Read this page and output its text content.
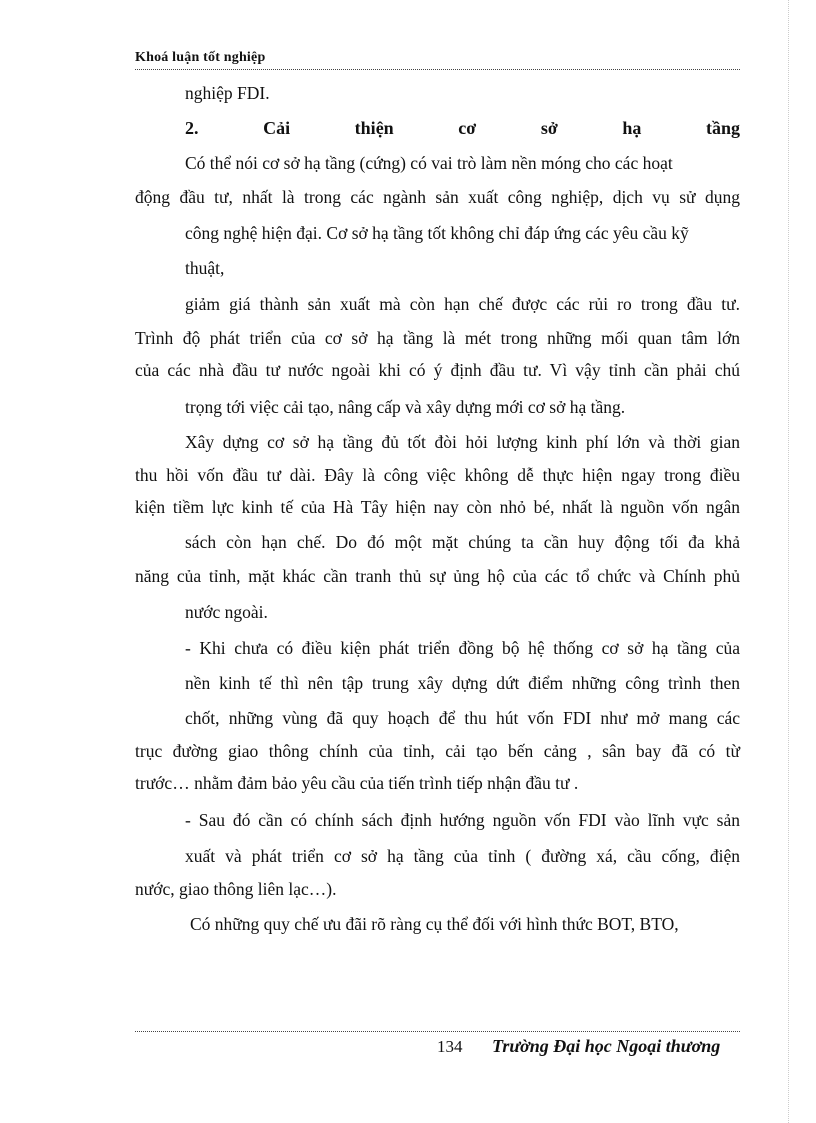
Khoá luận tốt nghiệp
nghiệp FDI.
2. Cải thiện cơ sở hạ tầng
Có thể nói cơ sở hạ tầng (cứng) có vai trò làm nền móng cho các hoạt
động đầu tư, nhất là trong các ngành sản xuất công nghiệp, dịch vụ sử dụng
công nghệ hiện đại. Cơ sở hạ tầng tốt không chỉ đáp ứng các yêu cầu kỹ
thuật,
giảm giá thành sản xuất mà còn hạn chế được các rủi ro trong đầu tư.
Trình độ phát triển của cơ sở hạ tầng là mét trong những mối quan tâm lớn
của các nhà đầu tư nước ngoài khi có ý định đầu tư. Vì vậy tỉnh cần phải chú
trọng tới việc cải tạo, nâng cấp và xây dựng mới cơ sở hạ tầng.
Xây dựng cơ sở hạ tầng đủ tốt đòi hỏi lượng kinh phí lớn và thời gian
thu hồi vốn đầu tư dài. Đây là công việc không dễ thực hiện ngay trong điều
kiện tiềm lực kinh tế của Hà Tây hiện nay còn nhỏ bé, nhất là nguồn vốn ngân
sách còn hạn chế. Do đó một mặt chúng ta cần huy động tối đa khả
năng của tỉnh, mặt khác cần tranh thủ sự ủng hộ của các tổ chức và Chính phủ
nước ngoài.
- Khi chưa có điều kiện phát triển đồng bộ hệ thống cơ sở hạ tầng của
nền kinh tế thì nên tập trung xây dựng dứt điểm những công trình then
chốt, những vùng đã quy hoạch để thu hút vốn FDI như mở mang các
trục đường giao thông chính của tỉnh, cải tạo bến cảng , sân bay đã có từ
trước… nhằm đảm bảo yêu cầu của tiến trình tiếp nhận đầu tư .
- Sau đó cần có chính sách định hướng nguồn vốn FDI vào lĩnh vực sản
xuất và phát triển cơ sở hạ tầng của tỉnh ( đường xá, cầu cống, điện
nước, giao thông liên lạc…).
Có những quy chế ưu đãi rõ ràng cụ thể đối với hình thức BOT, BTO,
134 Trường Đại học Ngoại thương
